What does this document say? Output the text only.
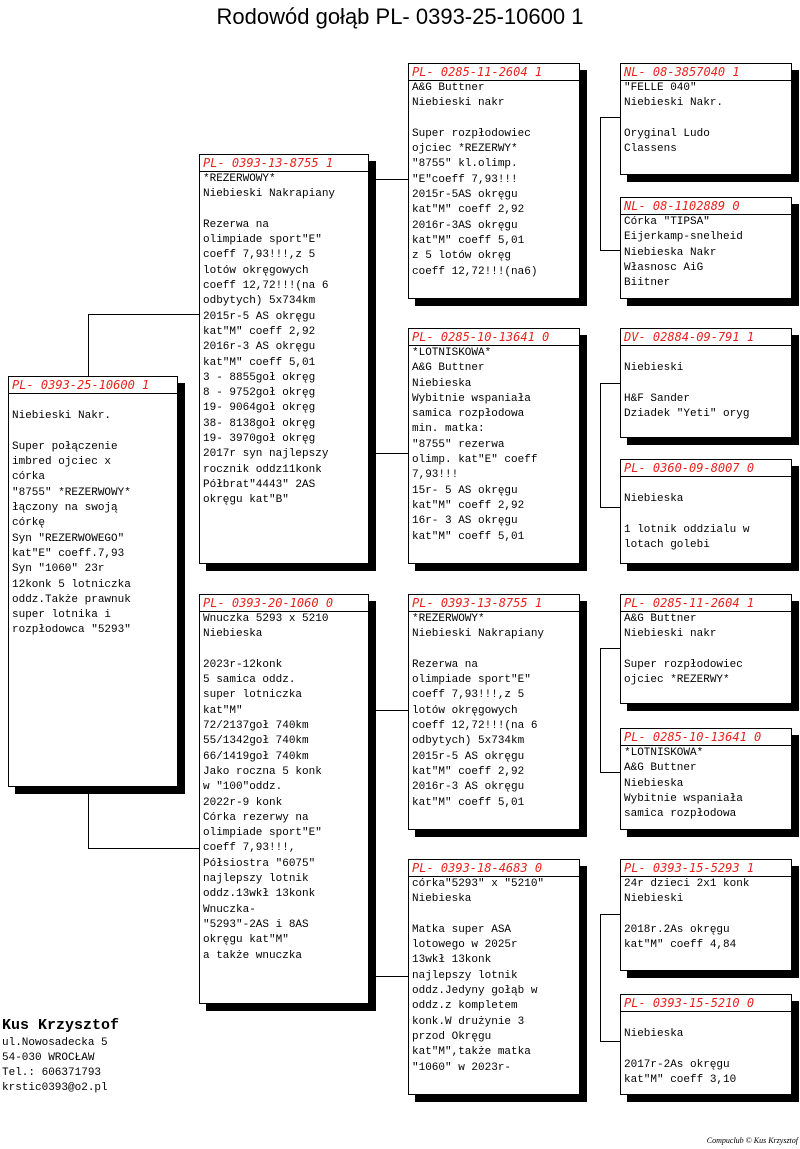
Rodowód gołąb PL- 0393-25-10600 1
PL- 0393-25-10600 1

Niebieski Nakr.

Super połączenie
imbred ojciec x
córka
"8755" *REZERWOWY*
łączony na swoją
córkę
Syn "REZERWOWEGO"
kat"E" coeff.7,93
Syn "1060" 23r
12konk 5 lotniczka
oddz.Także prawnuk
super lotnika i
rozpłodowca "5293"
PL- 0393-13-8755 1
*REZERWOWY*
Niebieski Nakrapiany

Rezerwa na
olimpiade sport"E"
coeff 7,93!!!,z 5
lotów okręgowych
coeff 12,72!!!(na 6
odbytych) 5x734km
2015r-5 AS okręgu
kat"M" coeff 2,92
2016r-3 AS okręgu
kat"M" coeff 5,01
3 - 8855goł okręg
8 - 9752goł okręg
19- 9064goł okręg
38- 8138goł okręg
19- 3970goł okręg
2017r syn najlepszy
rocznik oddz11konk
Półbrat"4443" 2AS
okręgu kat"B"
PL- 0393-20-1060 0
Wnuczka 5293 x 5210
Niebieska

2023r-12konk
5 samica oddz.
super lotniczka
kat"M"
72/2137goł 740km
55/1342goł 740km
66/1419goł 740km
Jako roczna 5 konk
w "100"oddz.
2022r-9 konk
Córka rezerwy na
olimpiade sport"E"
coeff 7,93!!!,
Półsiostra "6075"
najlepszy lotnik
oddz.13wkł 13konk
Wnuczka-
"5293"-2AS i 8AS
okręgu kat"M"
a także wnuczka
PL- 0285-11-2604 1
A&G Buttner
Niebieski nakr

Super rozpłodowiec
ojciec *REZERWY*
"8755" kl.olimp.
"E"coeff 7,93!!!
2015r-5AS okręgu
kat"M" coeff 2,92
2016r-3AS okręgu
kat"M" coeff 5,01
z 5 lotów okręg
coeff 12,72!!!(na6)
PL- 0285-10-13641 0
*LOTNISKOWA*
A&G Buttner
Niebieska
Wybitnie wspaniała
samica rozpłodowa
min. matka:
"8755" rezerwa
olimp. kat"E" coeff
7,93!!!
15r- 5 AS okręgu
kat"M" coeff 2,92
16r- 3 AS okręgu
kat"M" coeff 5,01
PL- 0393-13-8755 1
*REZERWOWY*
Niebieski Nakrapiany

Rezerwa na
olimpiade sport"E"
coeff 7,93!!!,z 5
lotów okręgowych
coeff 12,72!!!(na 6
odbytych) 5x734km
2015r-5 AS okręgu
kat"M" coeff 2,92
2016r-3 AS okręgu
kat"M" coeff 5,01
PL- 0393-18-4683 0
córka"5293" x "5210"
Niebieska

Matka super ASA
lotowego w 2025r
13wkł 13konk
najlepszy lotnik
oddz.Jedyny gołąb w
oddz.z kompletem
konk.W drużynie 3
przod Okręgu
kat"M",także matka
"1060" w 2023r-
NL- 08-3857040 1
"FELLE 040"
Niebieski Nakr.

Oryginal Ludo
Classens
NL- 08-1102889 0
Córka "TIPSA"
Eijerkamp-snelheid
Niebieska Nakr
Własnosc AiG
Biitner
DV- 02884-09-791 1

Niebieski

H&F Sander
Dziadek "Yeti" oryg
PL- 0360-09-8007 0

Niebieska

1 lotnik oddzialu w
lotach golebi
PL- 0285-11-2604 1
A&G Buttner
Niebieski nakr

Super rozpłodowiec
ojciec *REZERWY*
PL- 0285-10-13641 0
*LOTNISKOWA*
A&G Buttner
Niebieska
Wybitnie wspaniała
samica rozpłodowa
PL- 0393-15-5293 1
24r dzieci 2x1 konk
Niebieski

2018r.2As okręgu
kat"M" coeff 4,84
PL- 0393-15-5210 0

Niebieska

2017r-2As okręgu
kat"M" coeff 3,10
Kus Krzysztof
ul.Nowosadecka 5
54-030 WROCŁAW
Tel.: 606371793
krstic0393@o2.pl
Compuclub © Kus Krzysztof
